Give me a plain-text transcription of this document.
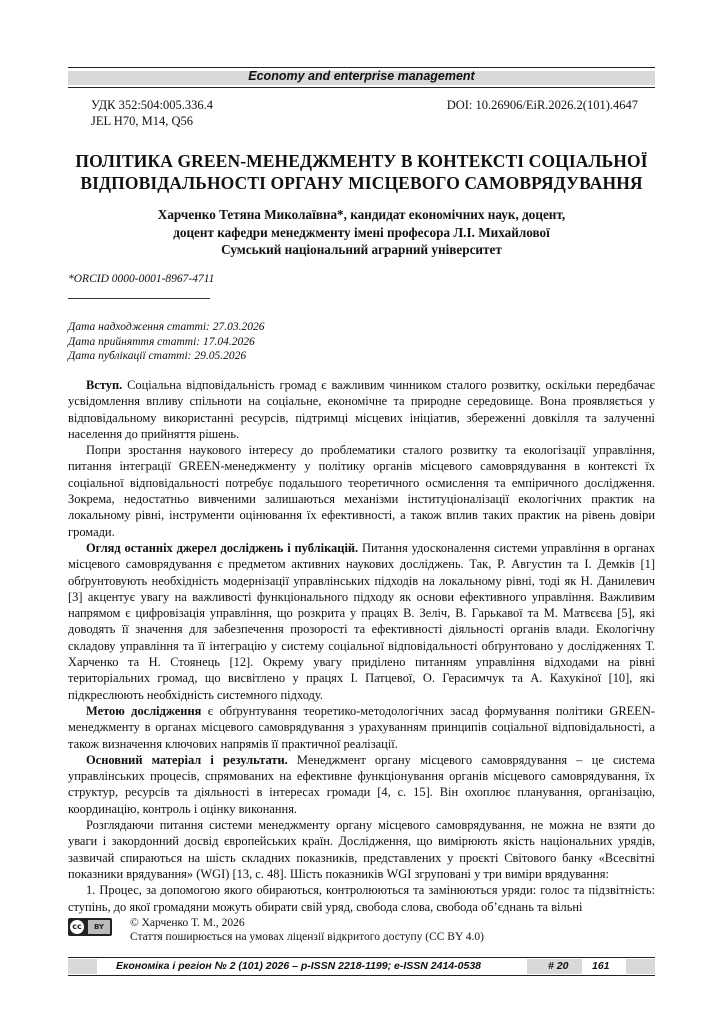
Economy and enterprise management
УДК 352:504:005.336.4
JEL H70, M14, Q56
DOI: 10.26906/EiR.2026.2(101).4647
ПОЛІТИКА GREEN-МЕНЕДЖМЕНТУ В КОНТЕКСТІ СОЦІАЛЬНОЇ
ВІДПОВІДАЛЬНОСТІ ОРГАНУ МІСЦЕВОГО САМОВРЯДУВАННЯ
Харченко Тетяна Миколаївна*, кандидат економічних наук, доцент,
доцент кафедри менеджменту імені професора Л.І. Михайлової
Сумський національний аграрний університет
*ORCID 0000-0001-8967-4711
Дата надходження статті: 27.03.2026
Дата прийняття статті: 17.04.2026
Дата публікації статті: 29.05.2026

Вступ. Соціальна відповідальність громад є важливим чинником сталого розвитку, оскільки передбачає усвідомлення впливу спільноти на соціальне, економічне та природне середовище. Вона проявляється у відповідальному використанні ресурсів, підтримці місцевих ініціатив, збереженні довкілля та залученні населення до прийняття рішень.

Попри зростання наукового інтересу до проблематики сталого розвитку та екологізації управління, питання інтеграції GREEN-менеджменту у політику органів місцевого самоврядування в контексті їх соціальної відповідальності потребує подальшого теоретичного осмислення та емпіричного дослідження. Зокрема, недостатньо вивченими залишаються механізми інституціоналізації екологічних практик на локальному рівні, інструменти оцінювання їх ефективності, а також вплив таких практик на рівень довіри громади.

Огляд останніх джерел досліджень і публікацій. Питання удосконалення системи управління в органах місцевого самоврядування є предметом активних наукових досліджень. Так, Р. Августин та І. Демків [1] обґрунтовують необхідність модернізації управлінських підходів на локальному рівні, тоді як Н. Данилевич [3] акцентує увагу на важливості функціонального підходу як основи ефективного управління. Важливим напрямом є цифровізація управління, що розкрита у працях В. Зеліч, В. Гарькавої та М. Матвєєва [5], які доводять її значення для забезпечення прозорості та ефективності діяльності органів влади. Екологічну складову управління та її інтеграцію у систему соціальної відповідальності обґрунтовано у дослідженнях Т. Харченко та Н. Стоянець [12]. Окрему увагу приділено питанням управління відходами на рівні територіальних громад, що висвітлено у працях І. Патцевої, О. Герасимчук та А. Кахукіної [10], які підкреслюють необхідність системного підходу.

Метою дослідження є обґрунтування теоретико-методологічних засад формування політики GREEN-менеджменту в органах місцевого самоврядування з урахуванням принципів соціальної відповідальності, а також визначення ключових напрямів її практичної реалізації.

Основний матеріал і результати. Менеджмент органу місцевого самоврядування – це система управлінських процесів, спрямованих на ефективне функціонування органів місцевого самоврядування, їх структур, ресурсів та діяльності в інтересах громади [4, с. 15]. Він охоплює планування, організацію, координацію, контроль і оцінку виконання.

Розглядаючи питання системи менеджменту органу місцевого самоврядування, не можна не взяти до уваги і закордонний досвід європейських країн. Дослідження, що вимірюють якість національних урядів, зазвичай спираються на шість складних показників, представлених у проєкті Світового банку «Всесвітні показники врядування» (WGI) [13, с. 48]. Шість показників WGI згруповані у три виміри врядування:

1. Процес, за допомогою якого обираються, контролюються та замінюються уряди: голос та підзвітність: ступінь, до якої громадяни можуть обирати свій уряд, свобода слова, свобода об’єднань та вільні

cc	BY	© Харченко Т. М., 2026
Стаття поширюється на умовах ліцензії відкритого доступу (CC BY 4.0)
Економіка і регіон № 2 (101) 2026 – p-ISSN 2218-1199; e-ISSN 2414-0538	# 20 161
